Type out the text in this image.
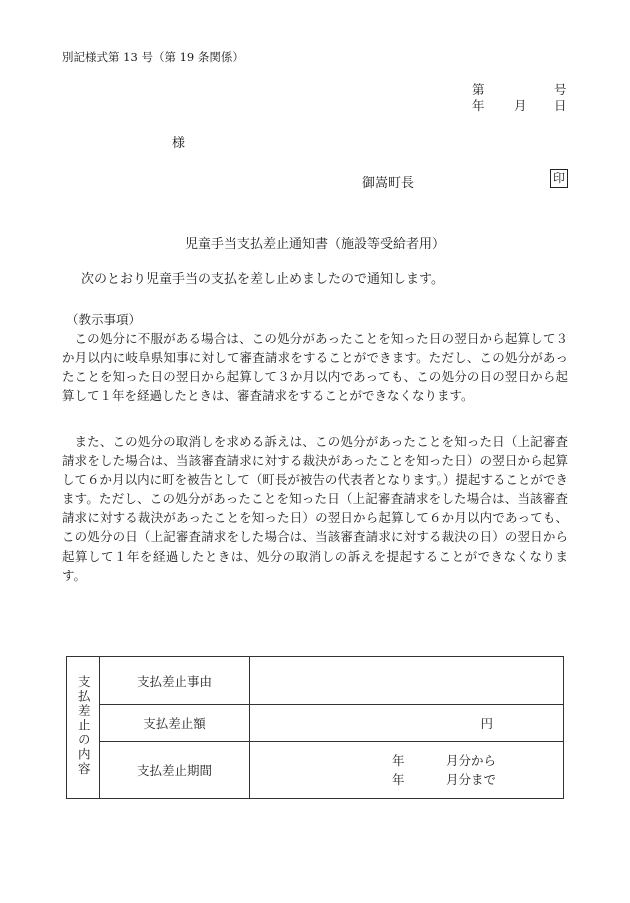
別記様式第 13 号（第 19 条関係）
第	号
年 月 日
様
御嵩町長	印
児童手当支払差止通知書（施設等受給者用）
次のとおり児童手当の支払を差し止めましたので通知します。
（教示事項）
この処分に不服がある場合は、この処分があったことを知った日の翌日から起算して３か月以内に岐阜県知事に対して審査請求をすることができます。ただし、この処分があったことを知った日の翌日から起算して３か月以内であっても、この処分の日の翌日から起算して１年を経過したときは、審査請求をすることができなくなります。
また、この処分の取消しを求める訴えは、この処分があったことを知った日（上記審査請求をした場合は、当該審査請求に対する裁決があったことを知った日）の翌日から起算して６か月以内に町を被告として（町長が被告の代表者となります。）提起することができます。ただし、この処分があったことを知った日（上記審査請求をした場合は、当該審査請求に対する裁決があったことを知った日）の翌日から起算して６か月以内であっても、この処分の日（上記審査請求をした場合は、当該審査請求に対する裁決の日）の翌日から起算して１年を経過したときは、処分の取消しの訴えを提起することができなくなります。
支払差止の内容	支払差止事由	
	支払差止額	円
	支払差止期間	年 月分から
年 月分まで
